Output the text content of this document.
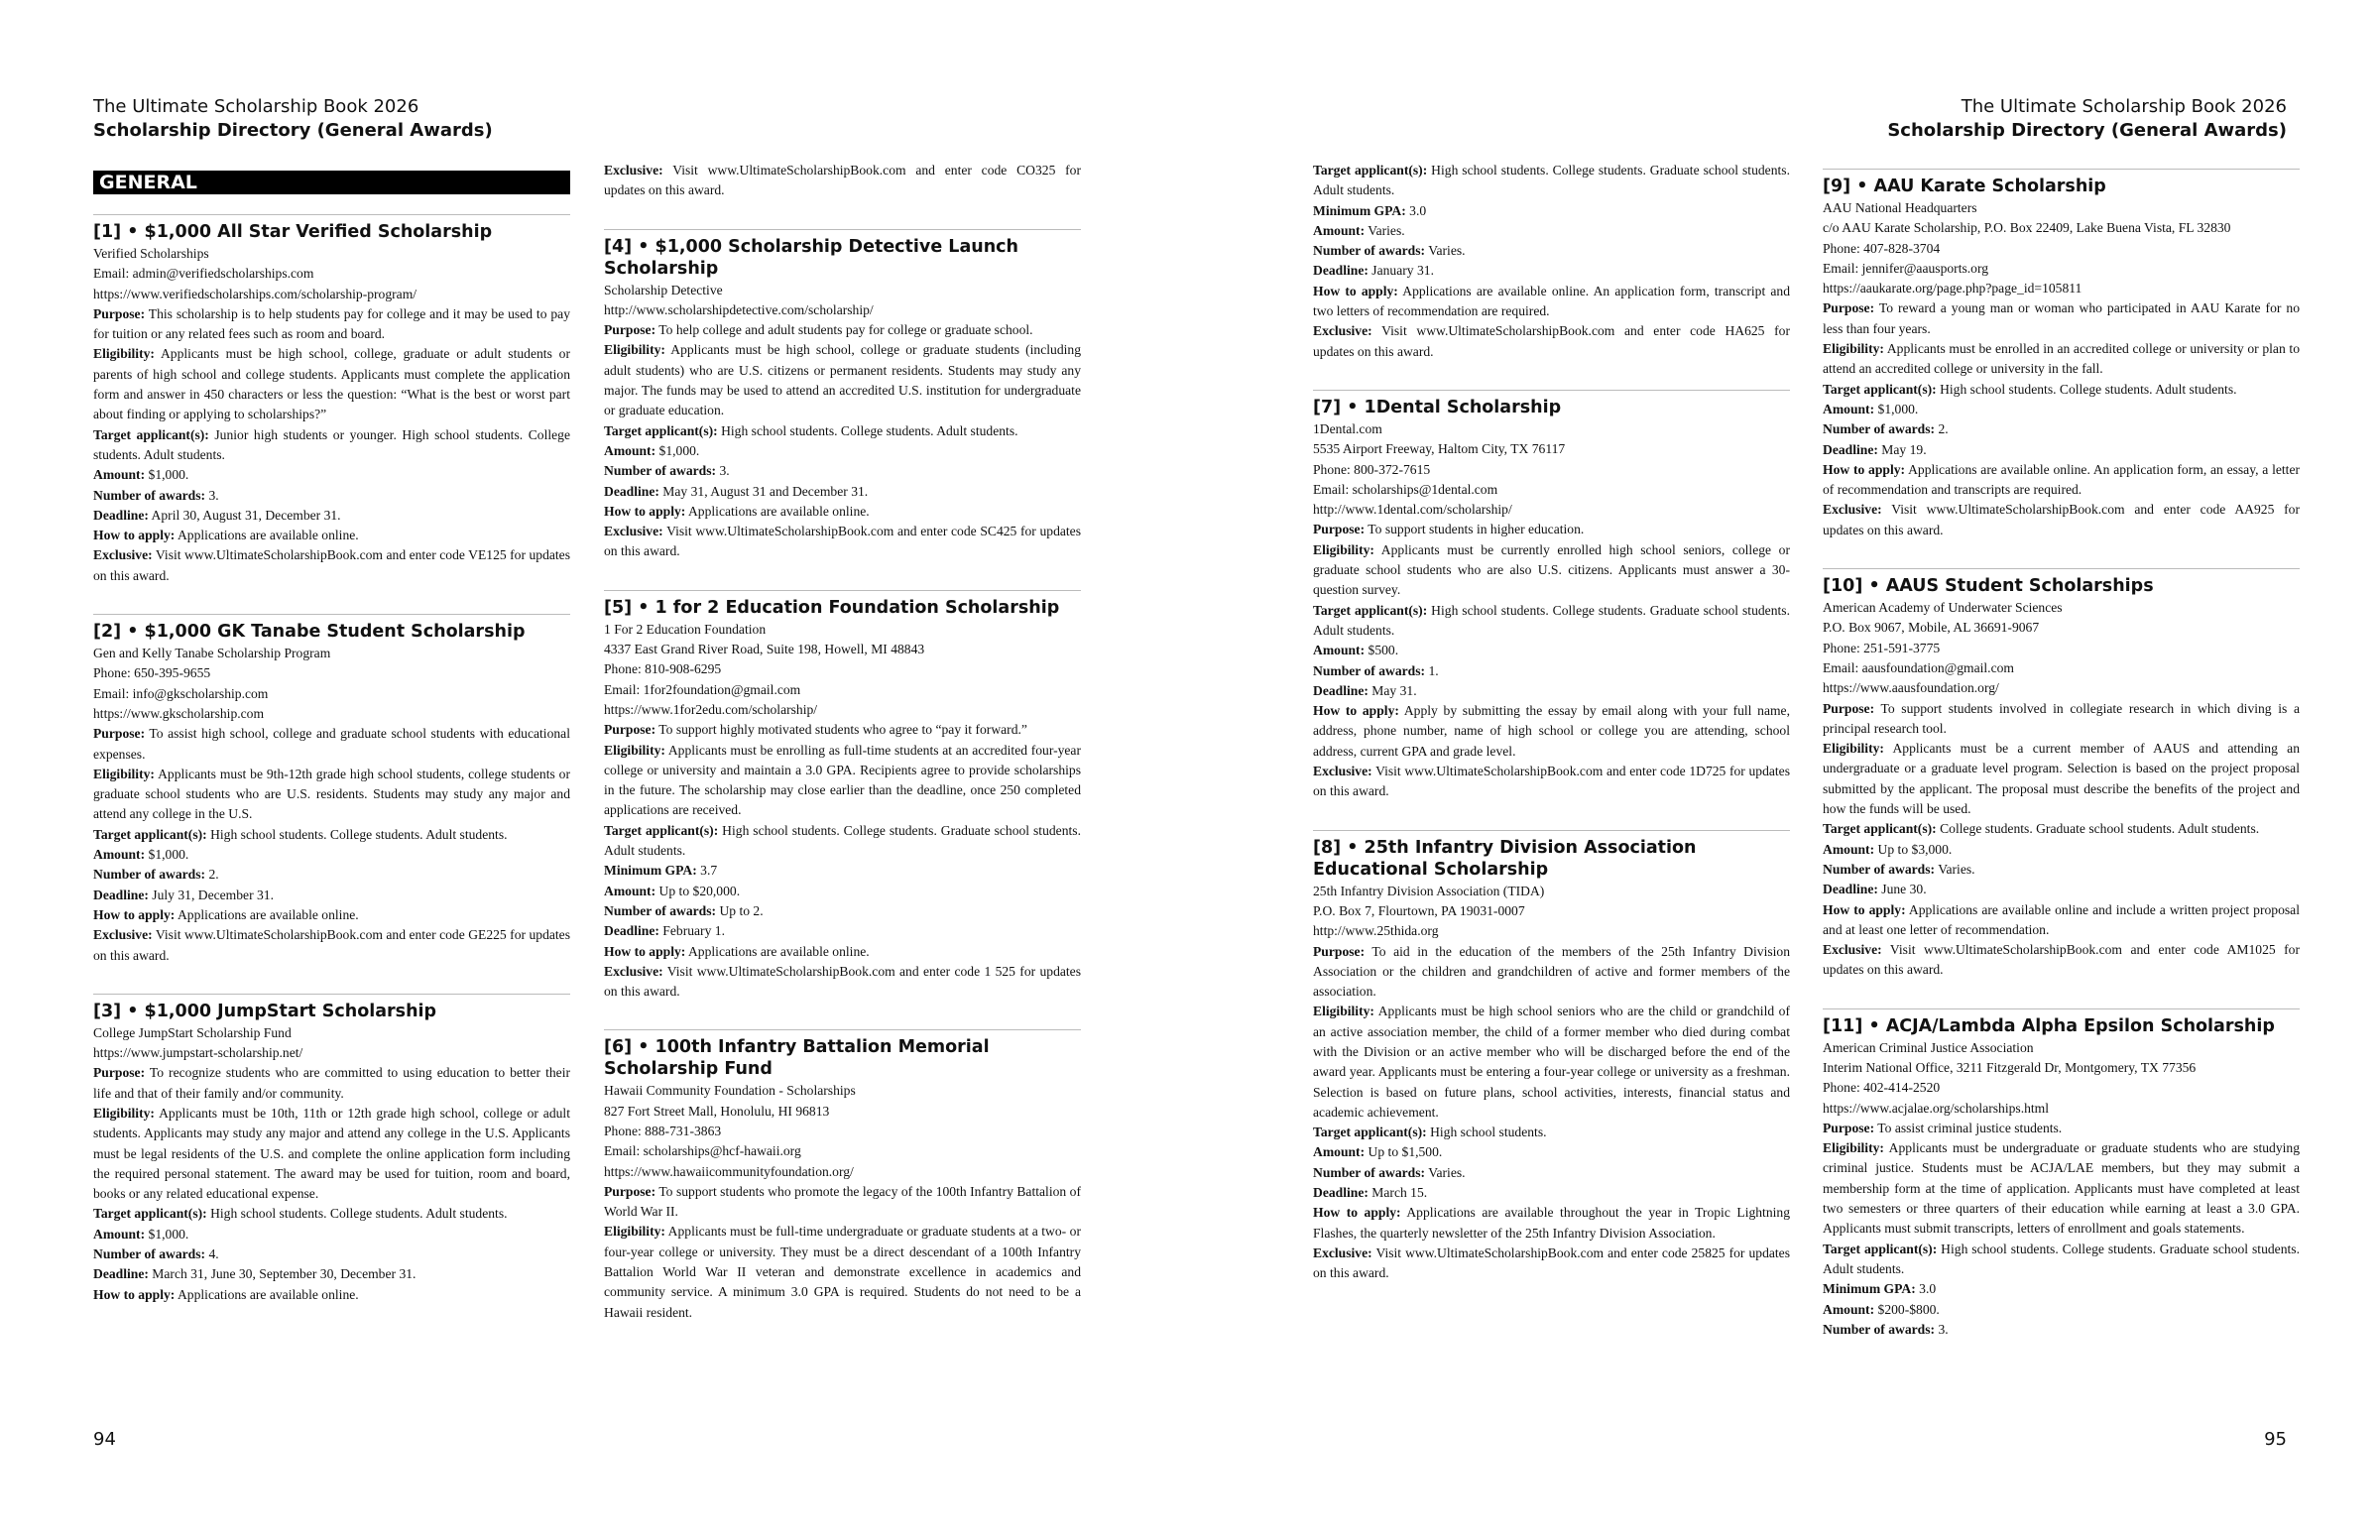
The Ultimate Scholarship Book 2026
Scholarship Directory (General Awards)
The Ultimate Scholarship Book 2026
Scholarship Directory (General Awards)
GENERAL
[1] • $1,000 All Star Verified Scholarship

Verified Scholarships

Email: admin@verifiedscholarships.com

https://www.verifiedscholarships.com/scholarship-program/

Purpose: This scholarship is to help students pay for college and it may be used to pay for tuition or any related fees such as room and board.

Eligibility: Applicants must be high school, college, graduate or adult students or parents of high school and college students. Applicants must complete the application form and answer in 450 characters or less the question: “What is the best or worst part about finding or applying to scholarships?”

Target applicant(s): Junior high students or younger. High school students. College students. Adult students.

Amount: $1,000.

Number of awards: 3.

Deadline: April 30, August 31, December 31.

How to apply: Applications are available online.

Exclusive: Visit www.UltimateScholarshipBook.com and enter code VE125 for updates on this award.

[2] • $1,000 GK Tanabe Student Scholarship

Gen and Kelly Tanabe Scholarship Program

Phone: 650-395-9655

Email: info@gkscholarship.com

https://www.gkscholarship.com

Purpose: To assist high school, college and graduate school students with educational expenses.

Eligibility: Applicants must be 9th-12th grade high school students, college students or graduate school students who are U.S. residents. Students may study any major and attend any college in the U.S.

Target applicant(s): High school students. College students. Adult students.

Amount: $1,000.

Number of awards: 2.

Deadline: July 31, December 31.

How to apply: Applications are available online.

Exclusive: Visit www.UltimateScholarshipBook.com and enter code GE225 for updates on this award.

[3] • $1,000 JumpStart Scholarship

College JumpStart Scholarship Fund

https://www.jumpstart-scholarship.net/

Purpose: To recognize students who are committed to using education to better their life and that of their family and/or community.

Eligibility: Applicants must be 10th, 11th or 12th grade high school, college or adult students. Applicants may study any major and attend any college in the U.S. Applicants must be legal residents of the U.S. and complete the online application form including the required personal statement. The award may be used for tuition, room and board, books or any related educational expense.

Target applicant(s): High school students. College students. Adult students.

Amount: $1,000.

Number of awards: 4.

Deadline: March 31, June 30, September 30, December 31.

How to apply: Applications are available online.

Exclusive: Visit www.UltimateScholarshipBook.com and enter code CO325 for updates on this award.

[4] • $1,000 Scholarship Detective Launch Scholarship

Scholarship Detective

http://www.scholarshipdetective.com/scholarship/

Purpose: To help college and adult students pay for college or graduate school.

Eligibility: Applicants must be high school, college or graduate students (including adult students) who are U.S. citizens or permanent residents. Students may study any major. The funds may be used to attend an accredited U.S. institution for undergraduate or graduate education.

Target applicant(s): High school students. College students. Adult students.

Amount: $1,000.

Number of awards: 3.

Deadline: May 31, August 31 and December 31.

How to apply: Applications are available online.

Exclusive: Visit www.UltimateScholarshipBook.com and enter code SC425 for updates on this award.

[5] • 1 for 2 Education Foundation Scholarship

1 For 2 Education Foundation

4337 East Grand River Road, Suite 198, Howell, MI 48843

Phone: 810-908-6295

Email: 1for2foundation@gmail.com

https://www.1for2edu.com/scholarship/

Purpose: To support highly motivated students who agree to “pay it forward.”

Eligibility: Applicants must be enrolling as full-time students at an accredited four-year college or university and maintain a 3.0 GPA. Recipients agree to provide scholarships in the future. The scholarship may close earlier than the deadline, once 250 completed applications are received.

Target applicant(s): High school students. College students. Graduate school students. Adult students.

Minimum GPA: 3.7

Amount: Up to $20,000.

Number of awards: Up to 2.

Deadline: February 1.

How to apply: Applications are available online.

Exclusive: Visit www.UltimateScholarshipBook.com and enter code 1 525 for updates on this award.

[6] • 100th Infantry Battalion Memorial Scholarship Fund

Hawaii Community Foundation - Scholarships

827 Fort Street Mall, Honolulu, HI 96813

Phone: 888-731-3863

Email: scholarships@hcf-hawaii.org

https://www.hawaiicommunityfoundation.org/

Purpose: To support students who promote the legacy of the 100th Infantry Battalion of World War II.

Eligibility: Applicants must be full-time undergraduate or graduate students at a two- or four-year college or university. They must be a direct descendant of a 100th Infantry Battalion World War II veteran and demonstrate excellence in academics and community service. A minimum 3.0 GPA is required. Students do not need to be a Hawaii resident.

Target applicant(s): High school students. College students. Graduate school students. Adult students.

Minimum GPA: 3.0

Amount: Varies.

Number of awards: Varies.

Deadline: January 31.

How to apply: Applications are available online. An application form, transcript and two letters of recommendation are required.

Exclusive: Visit www.UltimateScholarshipBook.com and enter code HA625 for updates on this award.

[7] • 1Dental Scholarship

1Dental.com

5535 Airport Freeway, Haltom City, TX 76117

Phone: 800-372-7615

Email: scholarships@1dental.com

http://www.1dental.com/scholarship/

Purpose: To support students in higher education.

Eligibility: Applicants must be currently enrolled high school seniors, college or graduate school students who are also U.S. citizens. Applicants must answer a 30-question survey.

Target applicant(s): High school students. College students. Graduate school students. Adult students.

Amount: $500.

Number of awards: 1.

Deadline: May 31.

How to apply: Apply by submitting the essay by email along with your full name, address, phone number, name of high school or college you are attending, school address, current GPA and grade level.

Exclusive: Visit www.UltimateScholarshipBook.com and enter code 1D725 for updates on this award.

[8] • 25th Infantry Division Association Educational Scholarship

25th Infantry Division Association (TIDA)

P.O. Box 7, Flourtown, PA 19031-0007

http://www.25thida.org

Purpose: To aid in the education of the members of the 25th Infantry Division Association or the children and grandchildren of active and former members of the association.

Eligibility: Applicants must be high school seniors who are the child or grandchild of an active association member, the child of a former member who died during combat with the Division or an active member who will be discharged before the end of the award year. Applicants must be entering a four-year college or university as a freshman. Selection is based on future plans, school activities, interests, financial status and academic achievement.

Target applicant(s): High school students.

Amount: Up to $1,500.

Number of awards: Varies.

Deadline: March 15.

How to apply: Applications are available throughout the year in Tropic Lightning Flashes, the quarterly newsletter of the 25th Infantry Division Association.

Exclusive: Visit www.UltimateScholarshipBook.com and enter code 25825 for updates on this award.

[9] • AAU Karate Scholarship

AAU National Headquarters

c/o AAU Karate Scholarship, P.O. Box 22409, Lake Buena Vista, FL 32830

Phone: 407-828-3704

Email: jennifer@aausports.org

https://aaukarate.org/page.php?page_id=105811

Purpose: To reward a young man or woman who participated in AAU Karate for no less than four years.

Eligibility: Applicants must be enrolled in an accredited college or university or plan to attend an accredited college or university in the fall.

Target applicant(s): High school students. College students. Adult students.

Amount: $1,000.

Number of awards: 2.

Deadline: May 19.

How to apply: Applications are available online. An application form, an essay, a letter of recommendation and transcripts are required.

Exclusive: Visit www.UltimateScholarshipBook.com and enter code AA925 for updates on this award.

[10] • AAUS Student Scholarships

American Academy of Underwater Sciences

P.O. Box 9067, Mobile, AL 36691-9067

Phone: 251-591-3775

Email: aausfoundation@gmail.com

https://www.aausfoundation.org/

Purpose: To support students involved in collegiate research in which diving is a principal research tool.

Eligibility: Applicants must be a current member of AAUS and attending an undergraduate or a graduate level program. Selection is based on the project proposal submitted by the applicant. The proposal must describe the benefits of the project and how the funds will be used.

Target applicant(s): College students. Graduate school students. Adult students.

Amount: Up to $3,000.

Number of awards: Varies.

Deadline: June 30.

How to apply: Applications are available online and include a written project proposal and at least one letter of recommendation.

Exclusive: Visit www.UltimateScholarshipBook.com and enter code AM1025 for updates on this award.

[11] • ACJA/Lambda Alpha Epsilon Scholarship

American Criminal Justice Association

Interim National Office, 3211 Fitzgerald Dr, Montgomery, TX 77356

Phone: 402-414-2520

https://www.acjalae.org/scholarships.html

Purpose: To assist criminal justice students.

Eligibility: Applicants must be undergraduate or graduate students who are studying criminal justice. Students must be ACJA/LAE members, but they may submit a membership form at the time of application. Applicants must have completed at least two semesters or three quarters of their education while earning at least a 3.0 GPA. Applicants must submit transcripts, letters of enrollment and goals statements.

Target applicant(s): High school students. College students. Graduate school students. Adult students.

Minimum GPA: 3.0

Amount: $200-$800.

Number of awards: 3.

94	95
